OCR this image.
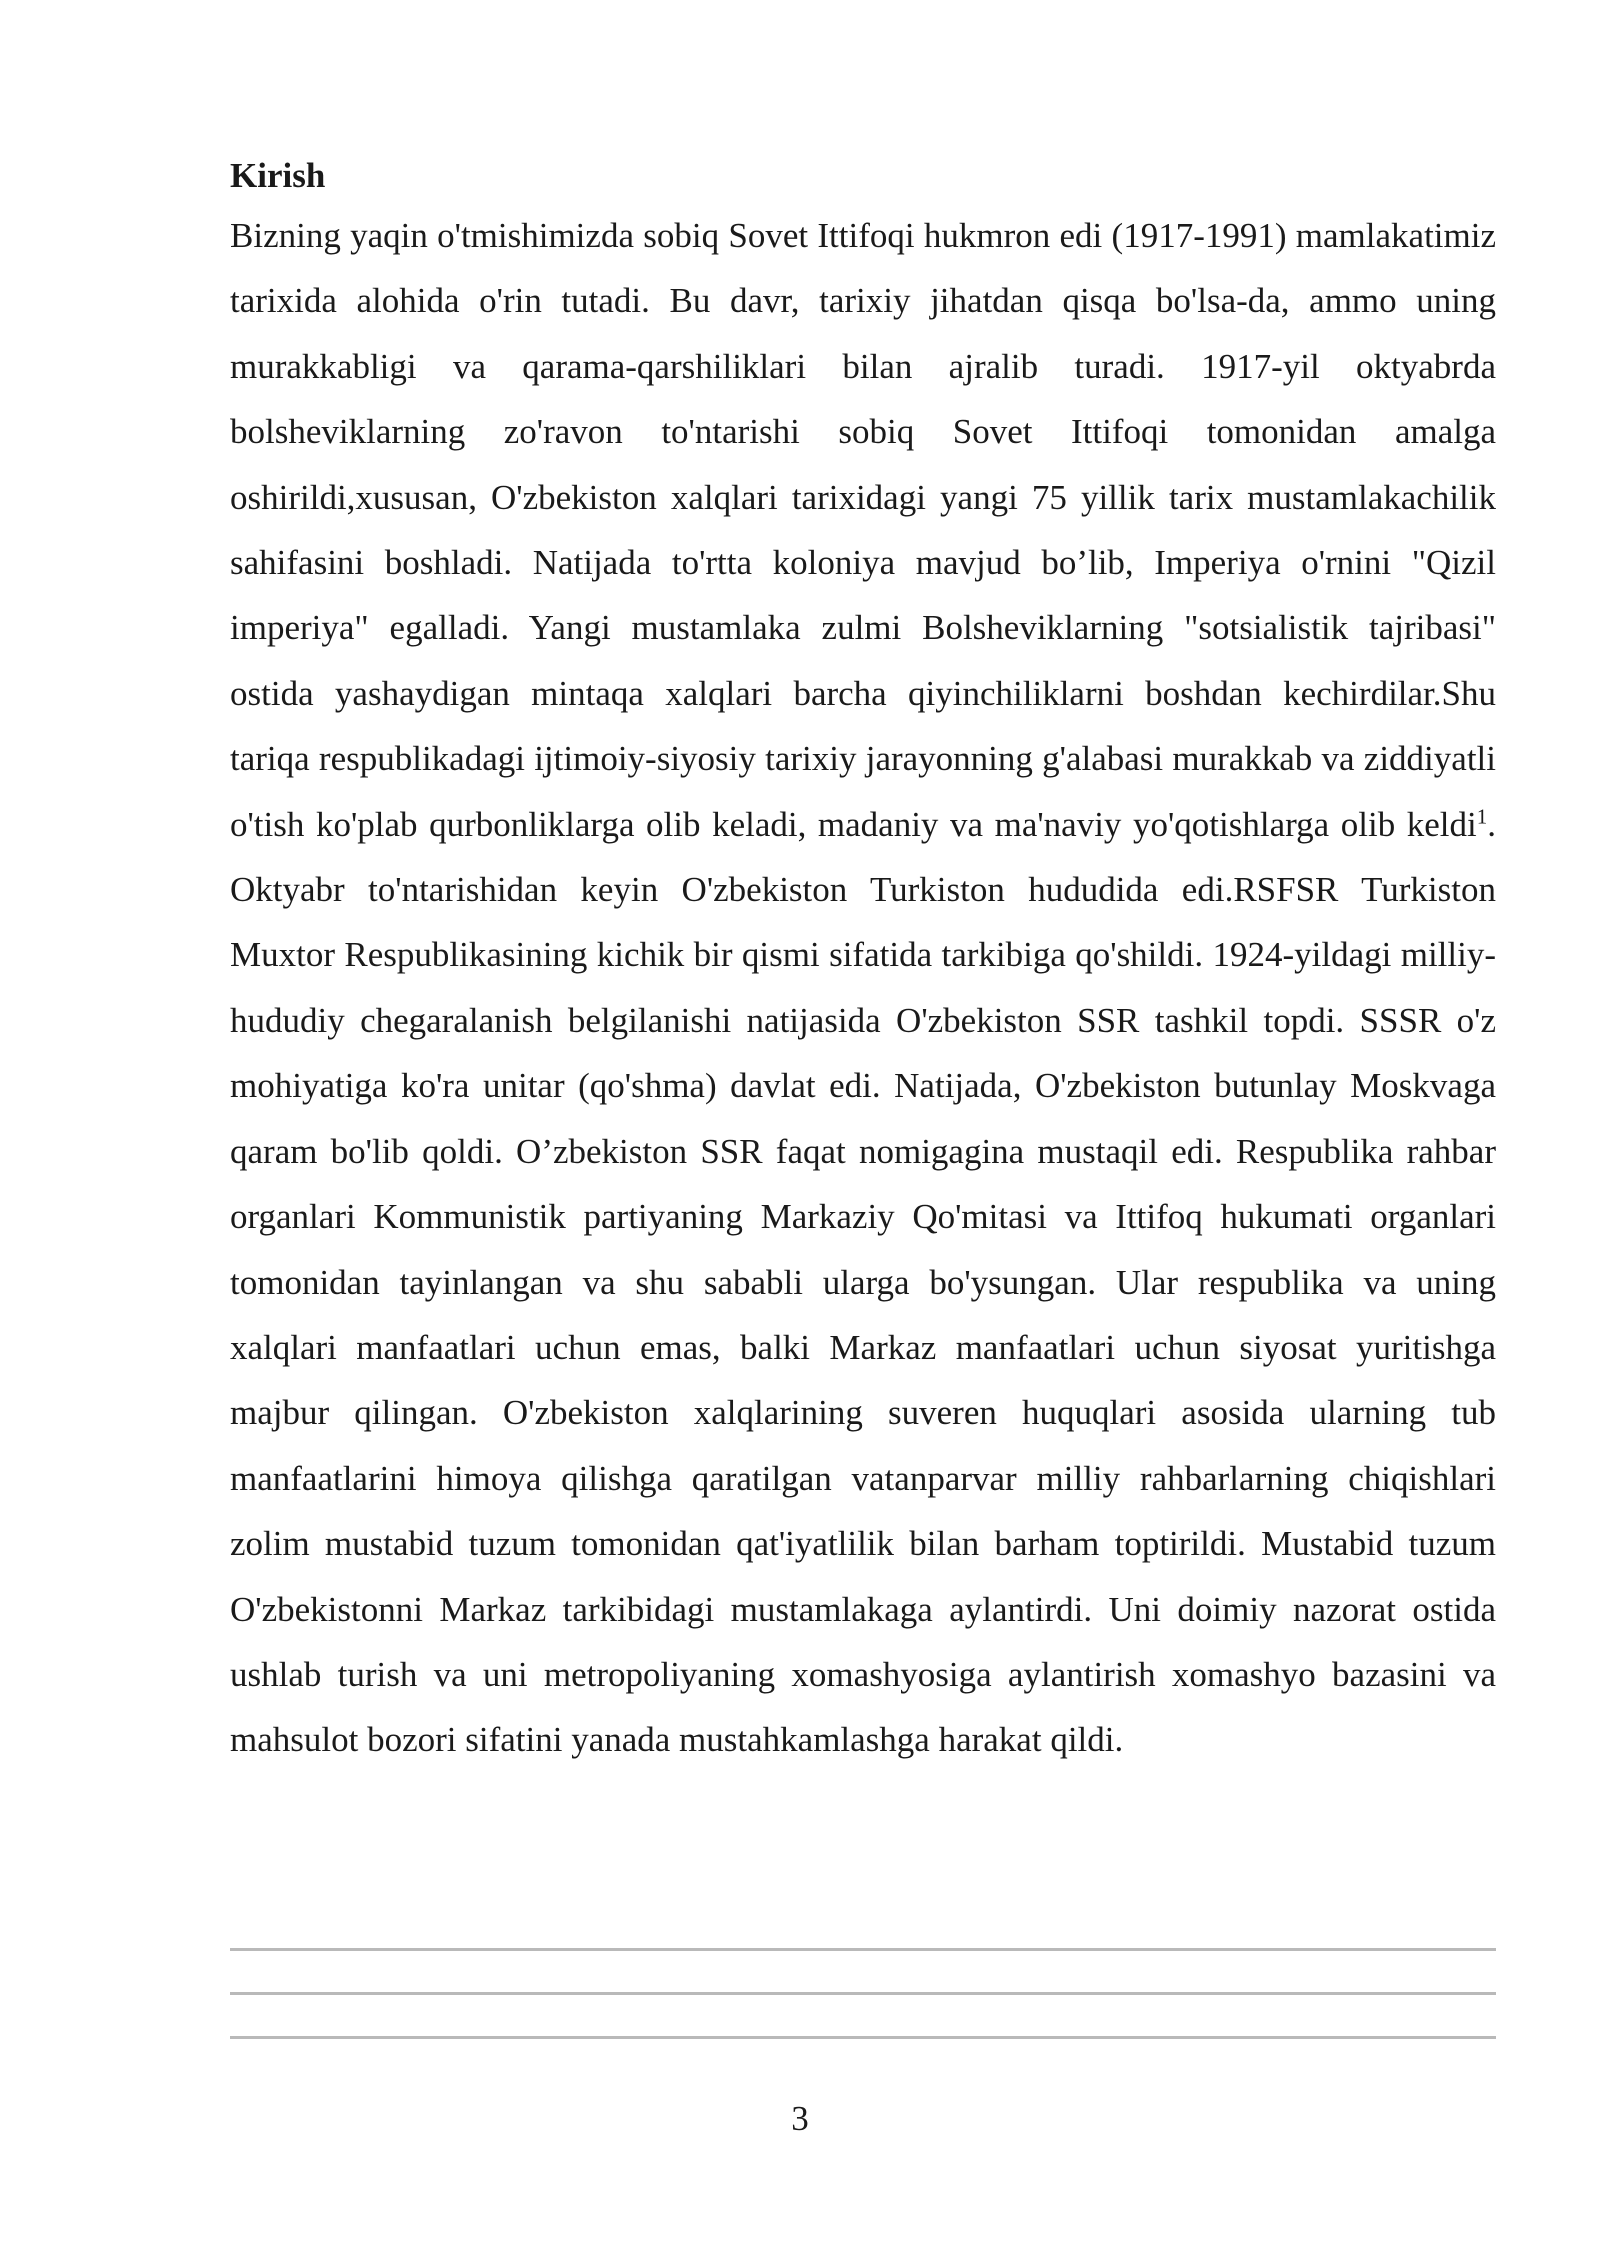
Kirish

Bizning yaqin o'tmishimizda sobiq Sovet Ittifoqi hukmron edi (1917-1991) mamlakatimiz tarixida alohida o'rin tutadi. Bu davr, tarixiy jihatdan qisqa bo'lsa-da, ammo uning murakkabligi va qarama-qarshiliklari bilan ajralib turadi. 1917-yil oktyabrda bolsheviklarning zo'ravon to'ntarishi sobiq Sovet Ittifoqi tomonidan amalga oshirildi,xususan, O'zbekiston xalqlari tarixidagi yangi 75 yillik tarix mustamlakachilik sahifasini boshladi. Natijada to'rtta koloniya mavjud bo’lib, Imperiya o'rnini "Qizil imperiya" egalladi. Yangi mustamlaka zulmi Bolsheviklarning "sotsialistik tajribasi" ostida yashaydigan mintaqa xalqlari barcha qiyinchiliklarni boshdan kechirdilar.Shu tariqa respublikadagi ijtimoiy-siyosiy tarixiy jarayonning g'alabasi murakkab va ziddiyatli o'tish ko'plab qurbonliklarga olib keladi, madaniy va ma'naviy yo'qotishlarga olib keldi$^1$. Oktyabr to'ntarishidan keyin O'zbekiston Turkiston hududida edi.RSFSR Turkiston Muxtor Respublikasining kichik bir qismi sifatida tarkibiga qo'shildi. 1924-yildagi milliy-hududiy chegaralanish belgilanishi natijasida O'zbekiston SSR tashkil topdi. SSSR o'z mohiyatiga ko'ra unitar (qo'shma) davlat edi. Natijada, O'zbekiston butunlay Moskvaga qaram bo'lib qoldi. O’zbekiston SSR faqat nomigagina mustaqil edi. Respublika rahbar organlari Kommunistik partiyaning Markaziy Qo'mitasi va Ittifoq hukumati organlari tomonidan tayinlangan va shu sababli ularga bo'ysungan. Ular respublika va uning xalqlari manfaatlari uchun emas, balki Markaz manfaatlari uchun siyosat yuritishga majbur qilingan. O'zbekiston xalqlarining suveren huquqlari asosida ularning tub manfaatlarini himoya qilishga qaratilgan vatanparvar milliy rahbarlarning chiqishlari zolim mustabid tuzum tomonidan qat'iyatlilik bilan barham toptirildi. Mustabid tuzum O'zbekistonni Markaz tarkibidagi mustamlakaga aylantirdi. Uni doimiy nazorat ostida ushlab turish va uni metropoliyaning xomashyosiga aylantirish xomashyo bazasini va mahsulot bozori sifatini yanada mustahkamlashga harakat qildi.

3
